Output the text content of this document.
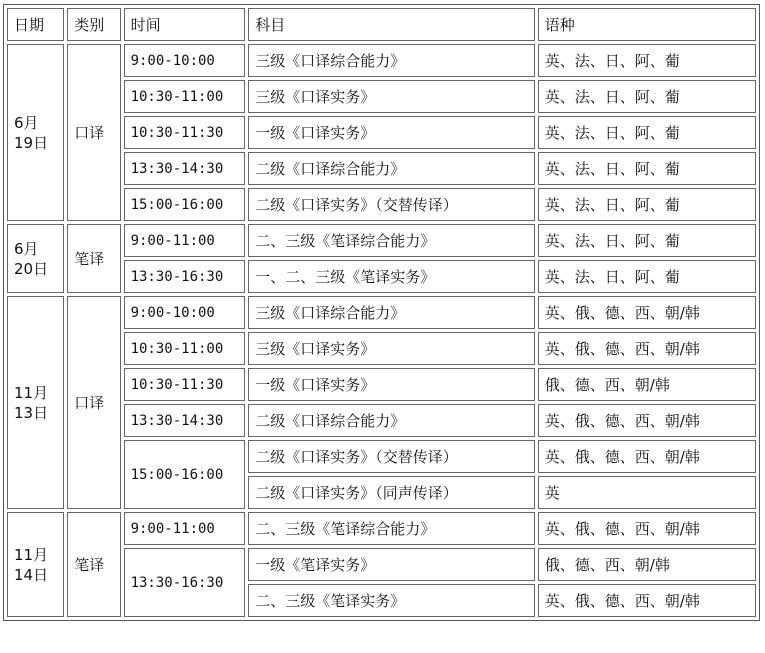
日期	类别	时间	科目	语种

6月
19日	口译	9:00-10:00	三级《口译综合能力》	英、法、日、阿、葡
		10:30-11:00	三级《口译实务》	英、法、日、阿、葡
		10:30-11:30	一级《口译实务》	英、法、日、阿、葡
		13:30-14:30	二级《口译综合能力》	英、法、日、阿、葡
		15:00-16:00	二级《口译实务》（交替传译）	英、法、日、阿、葡

6月
20日	笔译	9:00-11:00	二、三级《笔译综合能力》	英、法、日、阿、葡
		13:30-16:30	一、二、三级《笔译实务》	英、法、日、阿、葡

11月
13日	口译	9:00-10:00	三级《口译综合能力》	英、俄、德、西、朝/韩
		10:30-11:00	三级《口译实务》	英、俄、德、西、朝/韩
		10:30-11:30	一级《口译实务》	俄、德、西、朝/韩
		13:30-14:30	二级《口译综合能力》	英、俄、德、西、朝/韩
		15:00-16:00	二级《口译实务》（交替传译）	英、俄、德、西、朝/韩
			二级《口译实务》（同声传译）	英

11月
14日	笔译	9:00-11:00	二、三级《笔译综合能力》	英、俄、德、西、朝/韩
		13:30-16:30	一级《笔译实务》	俄、德、西、朝/韩
			二、三级《笔译实务》	英、俄、德、西、朝/韩
